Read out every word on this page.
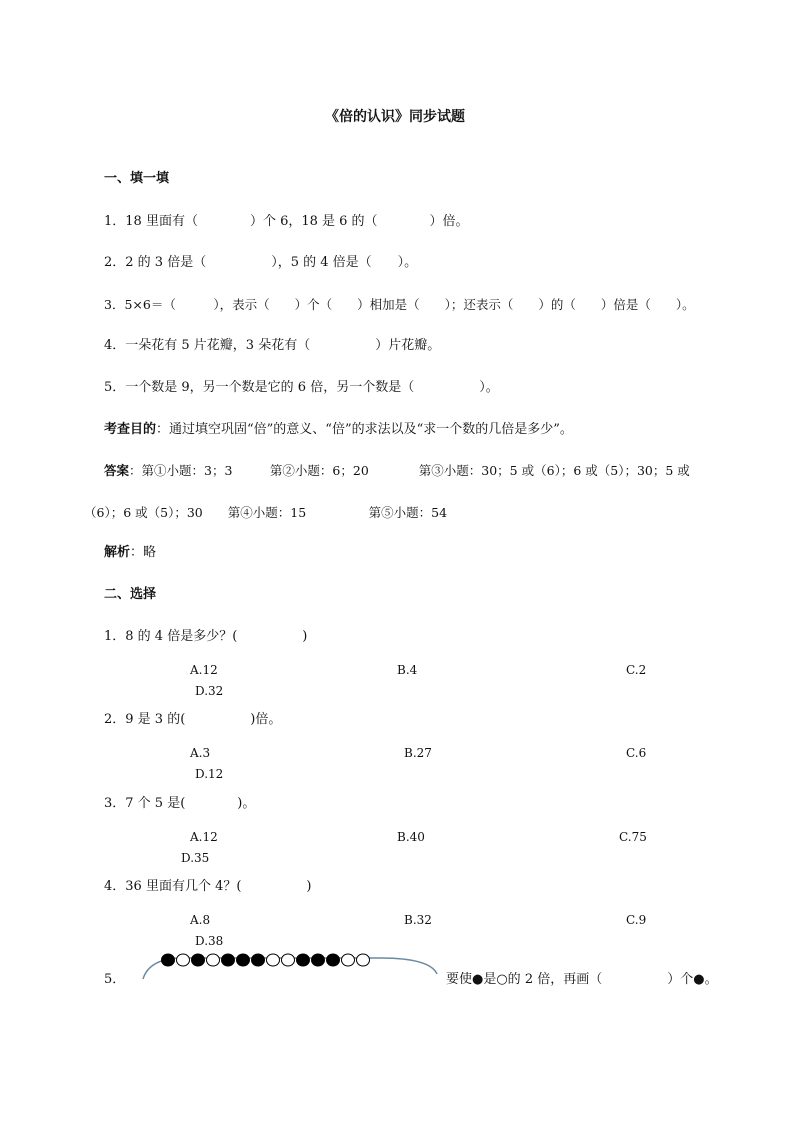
《倍的认识》同步试题
一、填一填
1．18 里面有（　　　　）个 6，18 是 6 的（　　　　）倍。
2．2 的 3 倍是（　　　　　），5 的 4 倍是（　　）。
3．5×6＝（　　　），表示（　　）个（　　）相加是（　　）；还表示（　　）的（　　）倍是（　　）。
4．一朵花有 5 片花瓣，3 朵花有（　　　　　）片花瓣。
5．一个数是 9，另一个数是它的 6 倍，另一个数是（　　　　　）。
考查目的：通过填空巩固“倍”的意义、“倍”的求法以及“求一个数的几倍是多少”。
答案：第①小题：3；3　　　第②小题：6；20　　　　第③小题：30；5 或（6）；6 或（5）；30；5 或
（6）；6 或（5）；30　　第④小题：15　　　　　第⑤小题：54
解析：略
二、选择
1．8 的 4 倍是多少？(　　　　　)
A.12	B.4	C.2
D.32
2．9 是 3 的(　　　　　)倍。
A.3	B.27	C.6
D.12
3．7 个 5 是(　　　　)。
A.12	B.40	C.75
D.35
4．36 里面有几个 4？(　　　　　)
A.8	B.32	C.9
D.38
5．	要使●是○的 2 倍，再画（　　　　　）个●。
